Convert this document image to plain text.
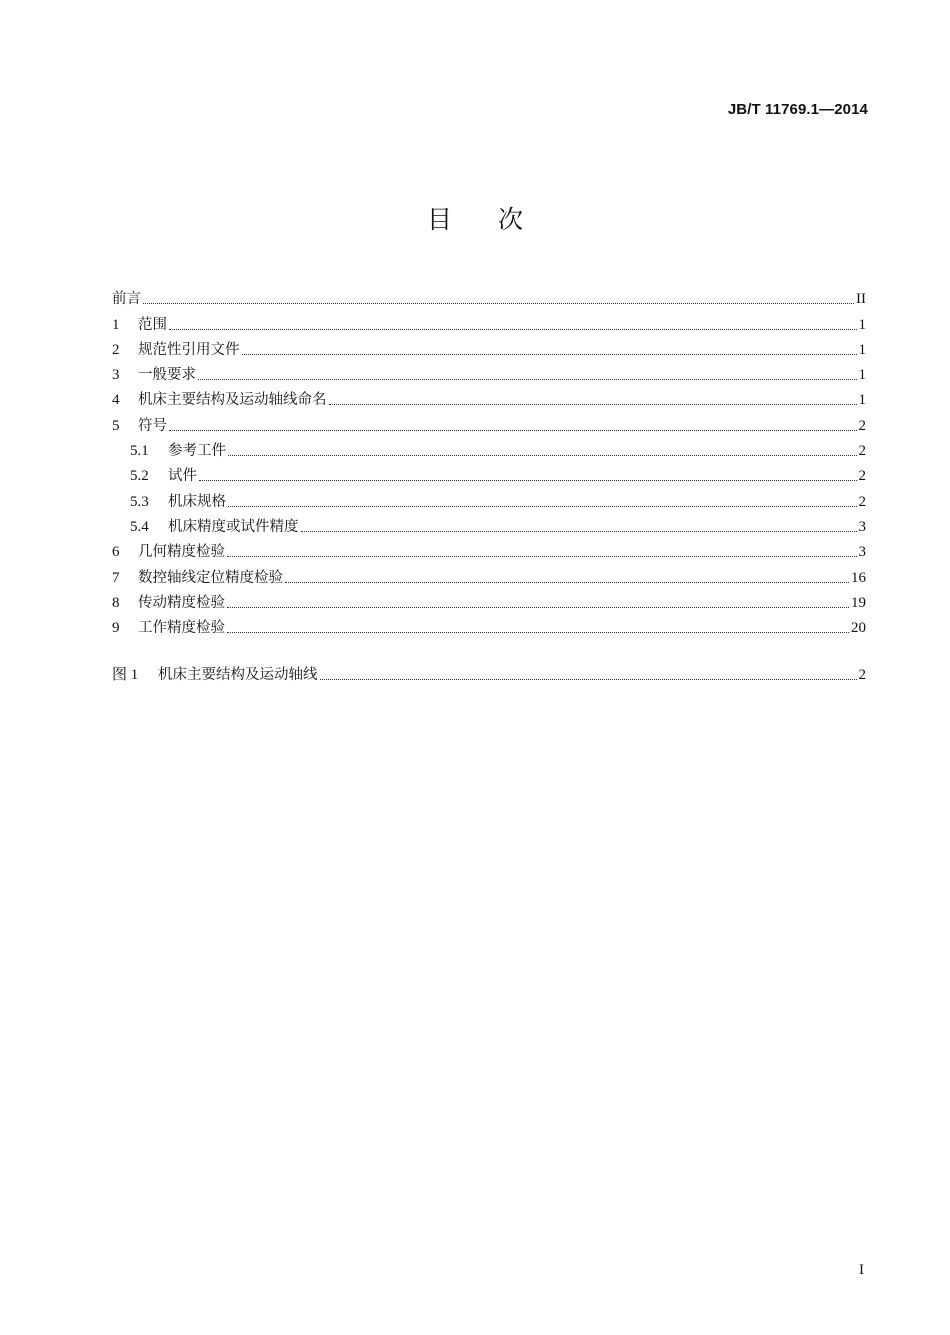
JB/T 11769.1—2014
目 次
前言	II
1	范围	1
2	规范性引用文件	1
3	一般要求	1
4	机床主要结构及运动轴线命名	1
5	符号	2
5.1	参考工件	2
5.2	试件	2
5.3	机床规格	2
5.4	机床精度或试件精度	3
6	几何精度检验	3
7	数控轴线定位精度检验	16
8	传动精度检验	19
9	工作精度检验	20
图 1	机床主要结构及运动轴线	2
I
